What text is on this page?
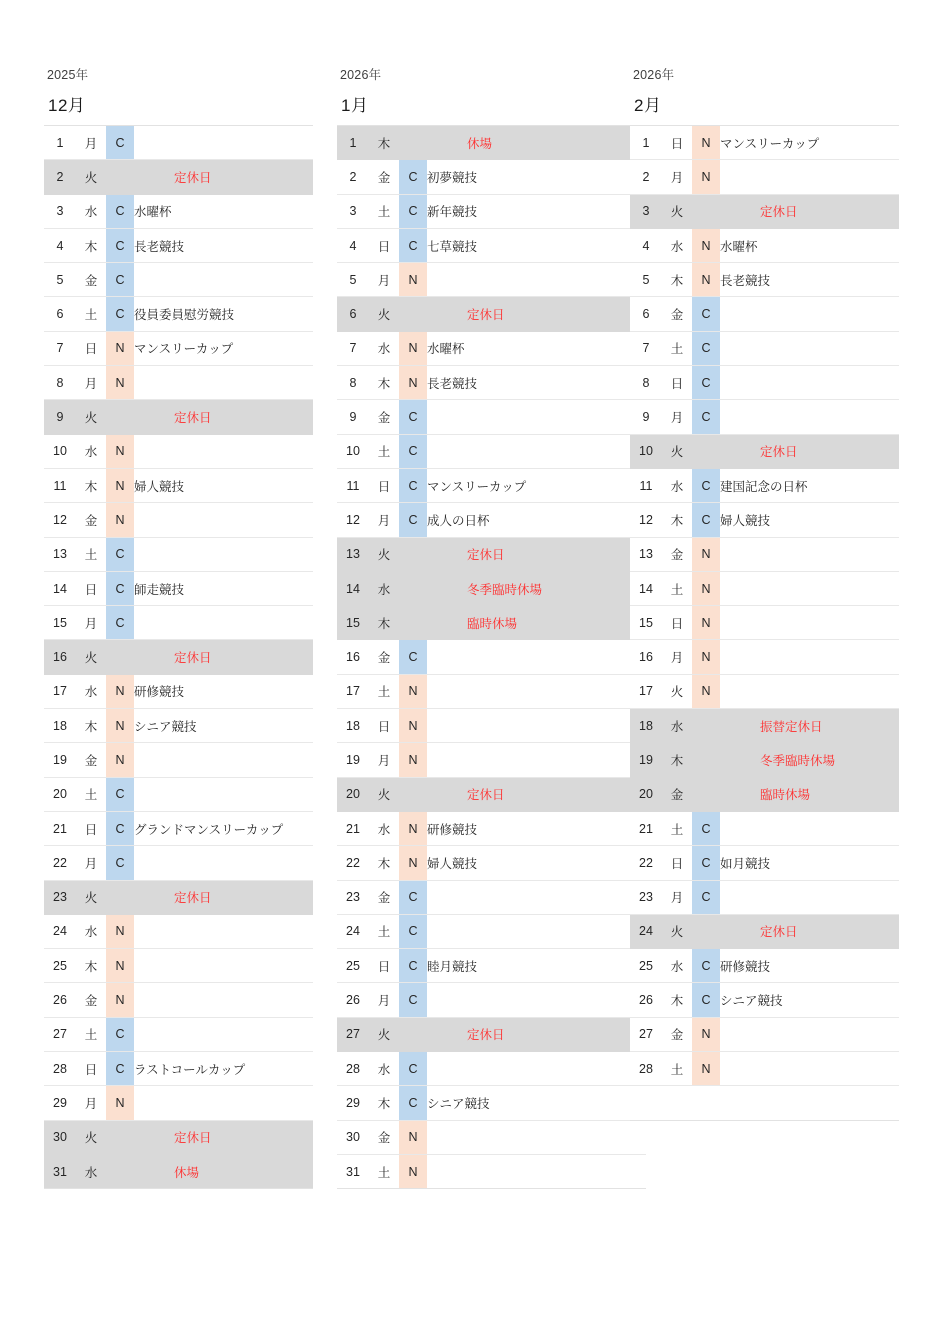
2025年
12月
1	月	C	
2	火		定休日
3	水	C	水曜杯
4	木	C	長老競技
5	金	C	
6	土	C	役員委員慰労競技
7	日	N	マンスリーカップ
8	月	N	
9	火		定休日
10	水	N	
11	木	N	婦人競技
12	金	N	
13	土	C	
14	日	C	師走競技
15	月	C	
16	火		定休日
17	水	N	研修競技
18	木	N	シニア競技
19	金	N	
20	土	C	
21	日	C	グランドマンスリーカップ
22	月	C	
23	火		定休日
24	水	N	
25	木	N	
26	金	N	
27	土	C	
28	日	C	ラストコールカップ
29	月	N	
30	火		定休日
31	水		休場
2026年
1月
1	木		休場
2	金	C	初夢競技
3	土	C	新年競技
4	日	C	七草競技
5	月	N	
6	火		定休日
7	水	N	水曜杯
8	木	N	長老競技
9	金	C	
10	土	C	
11	日	C	マンスリーカップ
12	月	C	成人の日杯
13	火		定休日
14	水		冬季臨時休場
15	木		臨時休場
16	金	C	
17	土	N	
18	日	N	
19	月	N	
20	火		定休日
21	水	N	研修競技
22	木	N	婦人競技
23	金	C	
24	土	C	
25	日	C	睦月競技
26	月	C	
27	火		定休日
28	水	C	
29	木	C	シニア競技
30	金	N	
31	土	N	
2026年
2月
1	日	N	マンスリーカップ
2	月	N	
3	火		定休日
4	水	N	水曜杯
5	木	N	長老競技
6	金	C	
7	土	C	
8	日	C	
9	月	C	
10	火		定休日
11	水	C	建国記念の日杯
12	木	C	婦人競技
13	金	N	
14	土	N	
15	日	N	
16	月	N	
17	火	N	
18	水		振替定休日
19	木		冬季臨時休場
20	金		臨時休場
21	土	C	
22	日	C	如月競技
23	月	C	
24	火		定休日
25	水	C	研修競技
26	木	C	シニア競技
27	金	N	
28	土	N	
